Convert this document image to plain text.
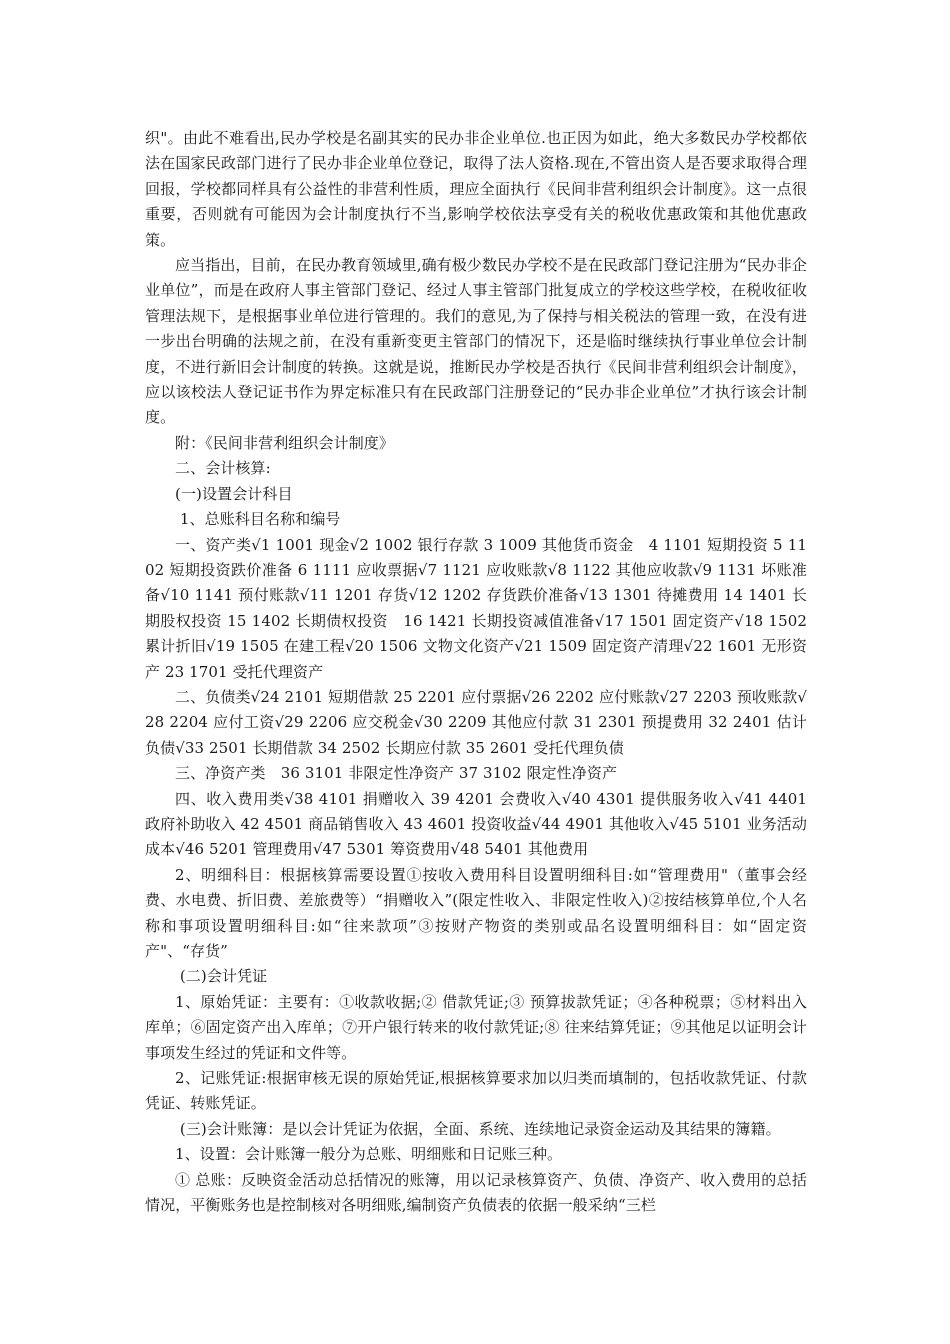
织"。由此不难看出,民办学校是名副其实的民办非企业单位.也正因为如此，绝大多数民办学校都依法在国家民政部门进行了民办非企业单位登记，取得了法人资格.现在,不管出资人是否要求取得合理回报，学校都同样具有公益性的非营利性质，理应全面执行《民间非营利组织会计制度》。这一点很重要，否则就有可能因为会计制度执行不当,影响学校依法享受有关的税收优惠政策和其他优惠政策。

应当指出，目前，在民办教育领域里,确有极少数民办学校不是在民政部门登记注册为“民办非企业单位”，而是在政府人事主管部门登记、经过人事主管部门批复成立的学校这些学校，在税收征收管理法规下，是根据事业单位进行管理的。我们的意见,为了保持与相关税法的管理一致，在没有进一步出台明确的法规之前，在没有重新变更主管部门的情况下，还是临时继续执行事业单位会计制度，不进行新旧会计制度的转换。这就是说，推断民办学校是否执行《民间非营利组织会计制度》，应以该校法人登记证书作为界定标准只有在民政部门注册登记的“民办非企业单位”才执行该会计制度。

附：《民间非营利组织会计制度》

二、会计核算:

(一)设置会计科目

1、总账科目名称和编号

一、资产类√1 1001 现金√2 1002 银行存款 3 1009 其他货币资金　4 1101 短期投资 5 1102 短期投资跌价准备 6 1111 应收票据√7 1121 应收账款√8 1122 其他应收款√9 1131 坏账准备√10 1141 预付账款√11 1201 存货√12 1202 存货跌价准备√13 1301 待摊费用 14 1401 长期股权投资 15 1402 长期债权投资　16 1421 长期投资减值准备√17 1501 固定资产√18 1502 累计折旧√19 1505 在建工程√20 1506 文物文化资产√21 1509 固定资产清理√22 1601 无形资产 23 1701 受托代理资产

二、负债类√24 2101 短期借款 25 2201 应付票据√26 2202 应付账款√27 2203 预收账款√28 2204 应付工资√29 2206 应交税金√30 2209 其他应付款 31 2301 预提费用 32 2401 估计负债√33 2501 长期借款 34 2502 长期应付款 35 2601 受托代理负债

三、净资产类　36 3101 非限定性净资产 37 3102 限定性净资产

四、收入费用类√38 4101 捐赠收入 39 4201 会费收入√40 4301 提供服务收入√41 4401 政府补助收入 42 4501 商品销售收入 43 4601 投资收益√44 4901 其他收入√45 5101 业务活动成本√46 5201 管理费用√47 5301 筹资费用√48 5401 其他费用

2、明细科目：根据核算需要设置①按收入费用科目设置明细科目:如“管理费用"（董事会经费、水电费、折旧费、差旅费等）“捐赠收入”(限定性收入、非限定性收入)②按结核算单位,个人名称和事项设置明细科目:如“往来款项”③按财产物资的类别或品名设置明细科目：如“固定资产"、“存货”

(二)会计凭证

1、原始凭证：主要有：①收款收据;② 借款凭证;③ 预算拔款凭证；④各种税票；⑤材料出入库单；⑥固定资产出入库单；⑦开户银行转来的收付款凭证;⑧ 往来结算凭证；⑨其他足以证明会计事项发生经过的凭证和文件等。

2、记账凭证:根据审核无误的原始凭证,根据核算要求加以归类而填制的，包括收款凭证、付款凭证、转账凭证。

(三)会计账簿：是以会计凭证为依据，全面、系统、连续地记录资金运动及其结果的簿籍。

1、设置：会计账簿一般分为总账、明细账和日记账三种。

① 总账：反映资金活动总括情况的账簿，用以记录核算资产、负债、净资产、收入费用的总括情况，平衡账务也是控制核对各明细账,编制资产负债表的依据一般采纳“三栏
